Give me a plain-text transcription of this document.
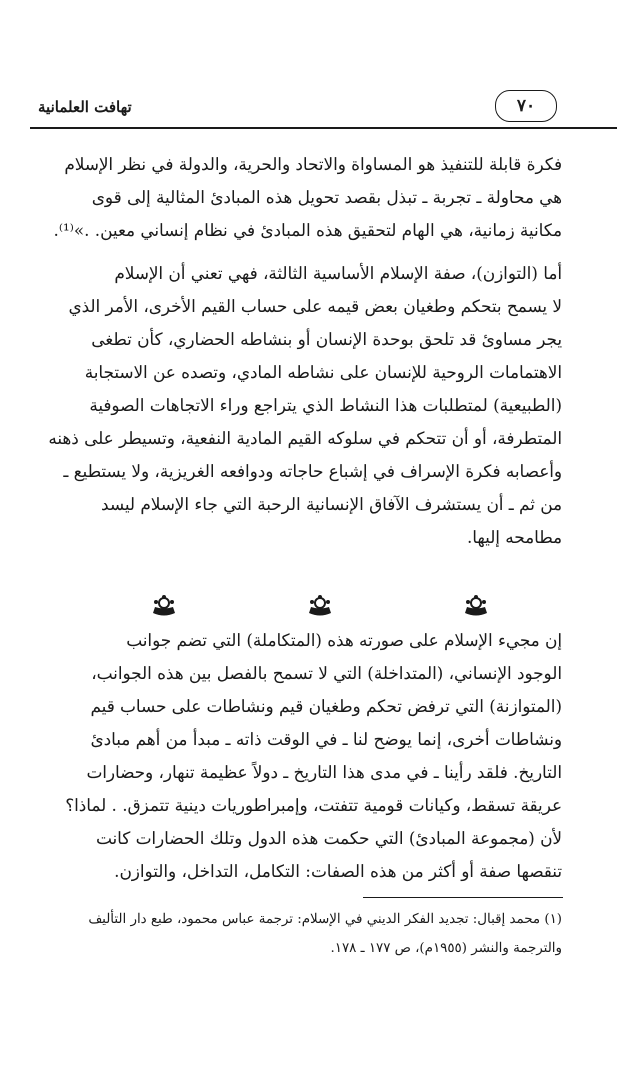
تهافت العلمانية	٧٠
فكرة قابلة للتنفيذ هو المساواة والاتحاد والحرية، والدولة في نظر الإسلام
هي محاولة ـ تجربة ـ تبذل بقصد تحويل هذه المبادئ المثالية إلى قوى
مكانية زمانية، هي الهام لتحقيق هذه المبادئ في نظام إنساني معين. .»⁽¹⁾.
أما (التوازن)، صفة الإسلام الأساسية الثالثة، فهي تعني أن الإسلام
لا يسمح بتحكم وطغيان بعض قيمه على حساب القيم الأخرى، الأمر الذي
يجر مساوئ قد تلحق بوحدة الإنسان أو بنشاطه الحضاري، كأن تطغى
الاهتمامات الروحية للإنسان على نشاطه المادي، وتصده عن الاستجابة
(الطبيعية) لمتطلبات هذا النشاط الذي يتراجع وراء الاتجاهات الصوفية
المتطرفة، أو أن تتحكم في سلوكه القيم المادية النفعية، وتسيطر على ذهنه
وأعصابه فكرة الإسراف في إشباع حاجاته ودوافعه الغريزية، ولا يستطيع ـ
من ثم ـ أن يستشرف الآفاق الإنسانية الرحبة التي جاء الإسلام ليسد
مطامحه إليها.
إن مجيء الإسلام على صورته هذه (المتكاملة) التي تضم جوانب
الوجود الإنساني، (المتداخلة) التي لا تسمح بالفصل بين هذه الجوانب،
(المتوازنة) التي ترفض تحكم وطغيان قيم ونشاطات على حساب قيم
ونشاطات أخرى، إنما يوضح لنا ـ في الوقت ذاته ـ مبدأ من أهم مبادئ
التاريخ. فلقد رأينا ـ في مدى هذا التاريخ ـ دولاً عظيمة تنهار، وحضارات
عريقة تسقط، وكيانات قومية تتفتت، وإمبراطوريات دينية تتمزق. . لماذا؟
لأن (مجموعة المبادئ) التي حكمت هذه الدول وتلك الحضارات كانت
تنقصها صفة أو أكثر من هذه الصفات: التكامل، التداخل، والتوازن.
(١) محمد إقبال: تجديد الفكر الديني في الإسلام: ترجمة عباس محمود، طبع دار التأليف
والترجمة والنشر (١٩٥٥م)، ص ١٧٧ ـ ١٧٨.
